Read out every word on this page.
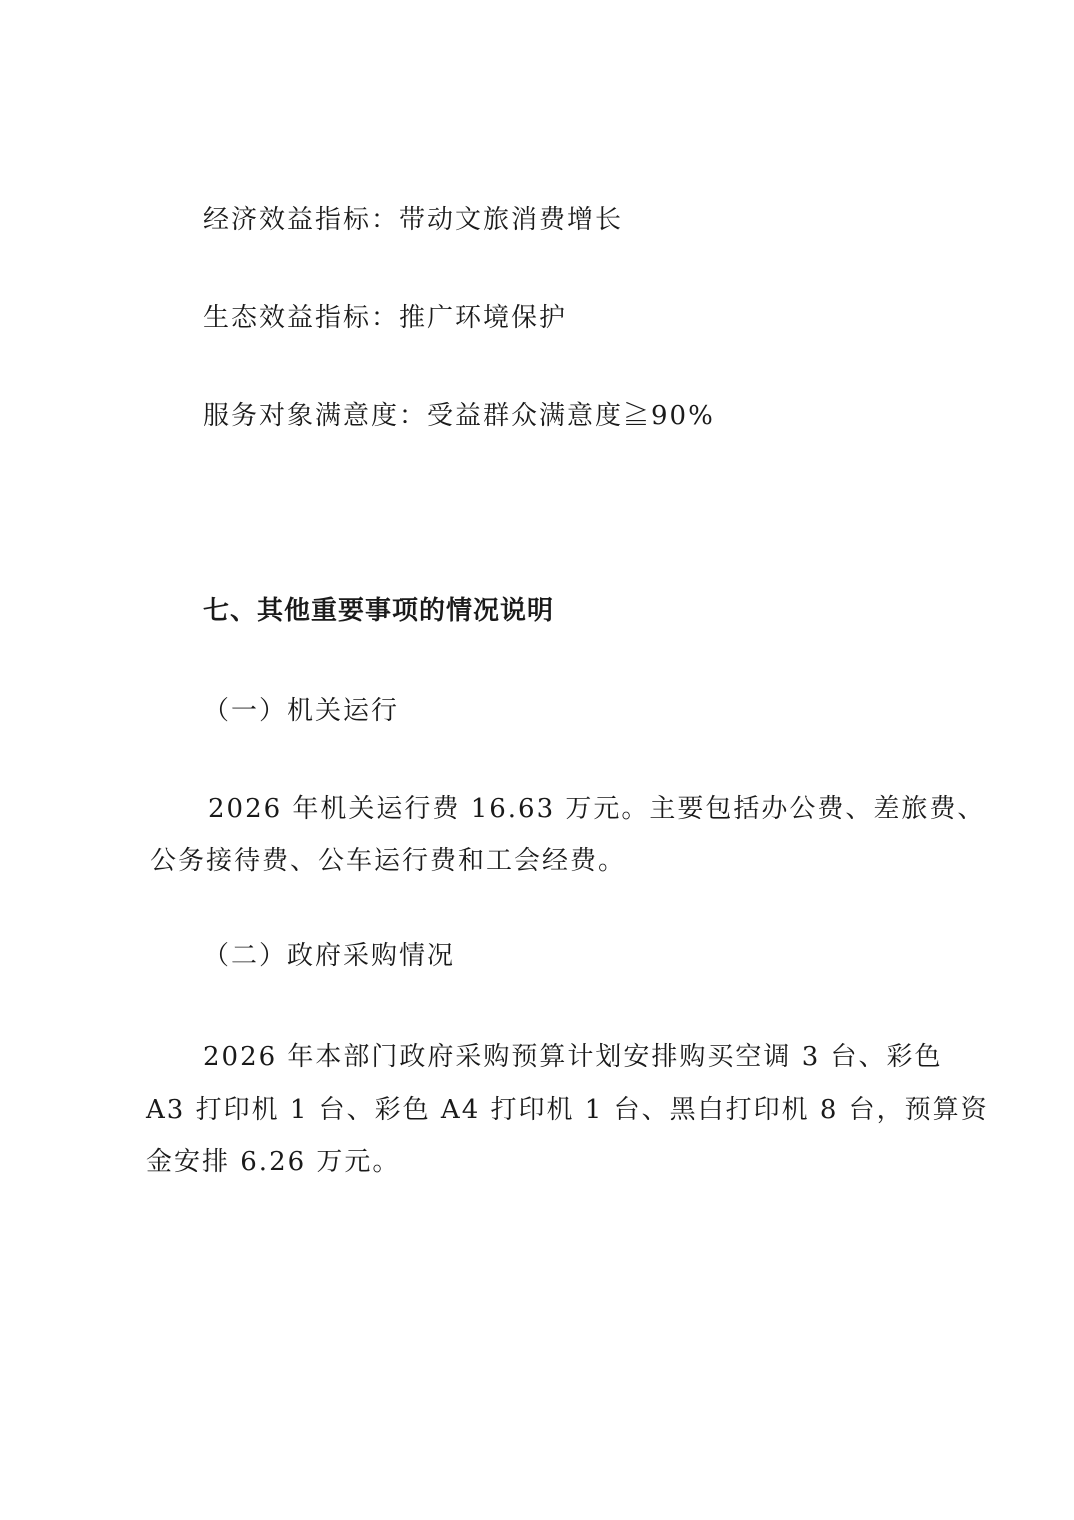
经济效益指标：带动文旅消费增长

生态效益指标：推广环境保护

服务对象满意度：受益群众满意度≧90%

七、其他重要事项的情况说明

（一）机关运行

2026 年机关运行费 16.63 万元。主要包括办公费、差旅费、

公务接待费、公车运行费和工会经费。

（二）政府采购情况

2026 年本部门政府采购预算计划安排购买空调 3 台、彩色

A3 打印机 1 台、彩色 A4 打印机 1 台、黑白打印机 8 台，预算资

金安排 6.26 万元。
